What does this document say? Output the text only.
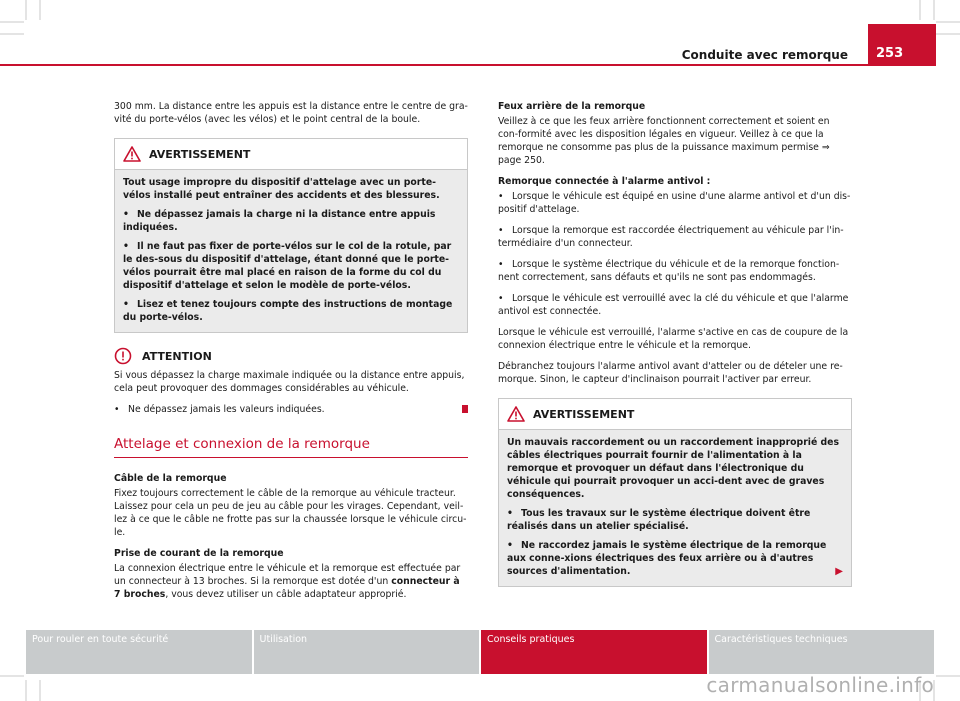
Conduite avec remorque 253

300 mm. La distance entre les appuis est la distance entre le centre de gra-vité du porte-vélos (avec les vélos) et le point central de la boule.

AVERTISSEMENT

Tout usage impropre du dispositif d'attelage avec un porte-vélos installé peut entraîner des accidents et des blessures.

• Ne dépassez jamais la charge ni la distance entre appuis indiquées.

• Il ne faut pas fixer de porte-vélos sur le col de la rotule, par le des-sous du dispositif d'attelage, étant donné que le porte-vélos pourrait être mal placé en raison de la forme du col du dispositif d'attelage et selon le modèle de porte-vélos.

• Lisez et tenez toujours compte des instructions de montage du porte-vélos.

ATTENTION

Si vous dépassez la charge maximale indiquée ou la distance entre appuis, cela peut provoquer des dommages considérables au véhicule.

• Ne dépassez jamais les valeurs indiquées.

Attelage et connexion de la remorque

Câble de la remorque

Fixez toujours correctement le câble de la remorque au véhicule tracteur. Laissez pour cela un peu de jeu au câble pour les virages. Cependant, veil-lez à ce que le câble ne frotte pas sur la chaussée lorsque le véhicule circu-le.

Prise de courant de la remorque

La connexion électrique entre le véhicule et la remorque est effectuée par un connecteur à 13 broches. Si la remorque est dotée d'un connecteur à 7 broches, vous devez utiliser un câble adaptateur approprié.

Feux arrière de la remorque

Veillez à ce que les feux arrière fonctionnent correctement et soient en con-formité avec les disposition légales en vigueur. Veillez à ce que la remorque ne consomme pas plus de la puissance maximum permise ⇒ page 250.

Remorque connectée à l'alarme antivol :

• Lorsque le véhicule est équipé en usine d'une alarme antivol et d'un dis-positif d'attelage.

• Lorsque la remorque est raccordée électriquement au véhicule par l'in-termédiaire d'un connecteur.

• Lorsque le système électrique du véhicule et de la remorque fonction-nent correctement, sans défauts et qu'ils ne sont pas endommagés.

• Lorsque le véhicule est verrouillé avec la clé du véhicule et que l'alarme antivol est connectée.

Lorsque le véhicule est verrouillé, l'alarme s'active en cas de coupure de la connexion électrique entre le véhicule et la remorque.

Débranchez toujours l'alarme antivol avant d'atteler ou de dételer une re-morque. Sinon, le capteur d'inclinaison pourrait l'activer par erreur.

AVERTISSEMENT

Un mauvais raccordement ou un raccordement inapproprié des câbles électriques pourrait fournir de l'alimentation à la remorque et provoquer un défaut dans l'électronique du véhicule qui pourrait provoquer un acci-dent avec de graves conséquences.

• Tous les travaux sur le système électrique doivent être réalisés dans un atelier spécialisé.

• Ne raccordez jamais le système électrique de la remorque aux conne-xions électriques des feux arrière ou à d'autres sources d'alimentation.	▶

Pour rouler en toute sécurité	Utilisation	Conseils pratiques	Caractéristiques techniques
carmanualsonline.info
